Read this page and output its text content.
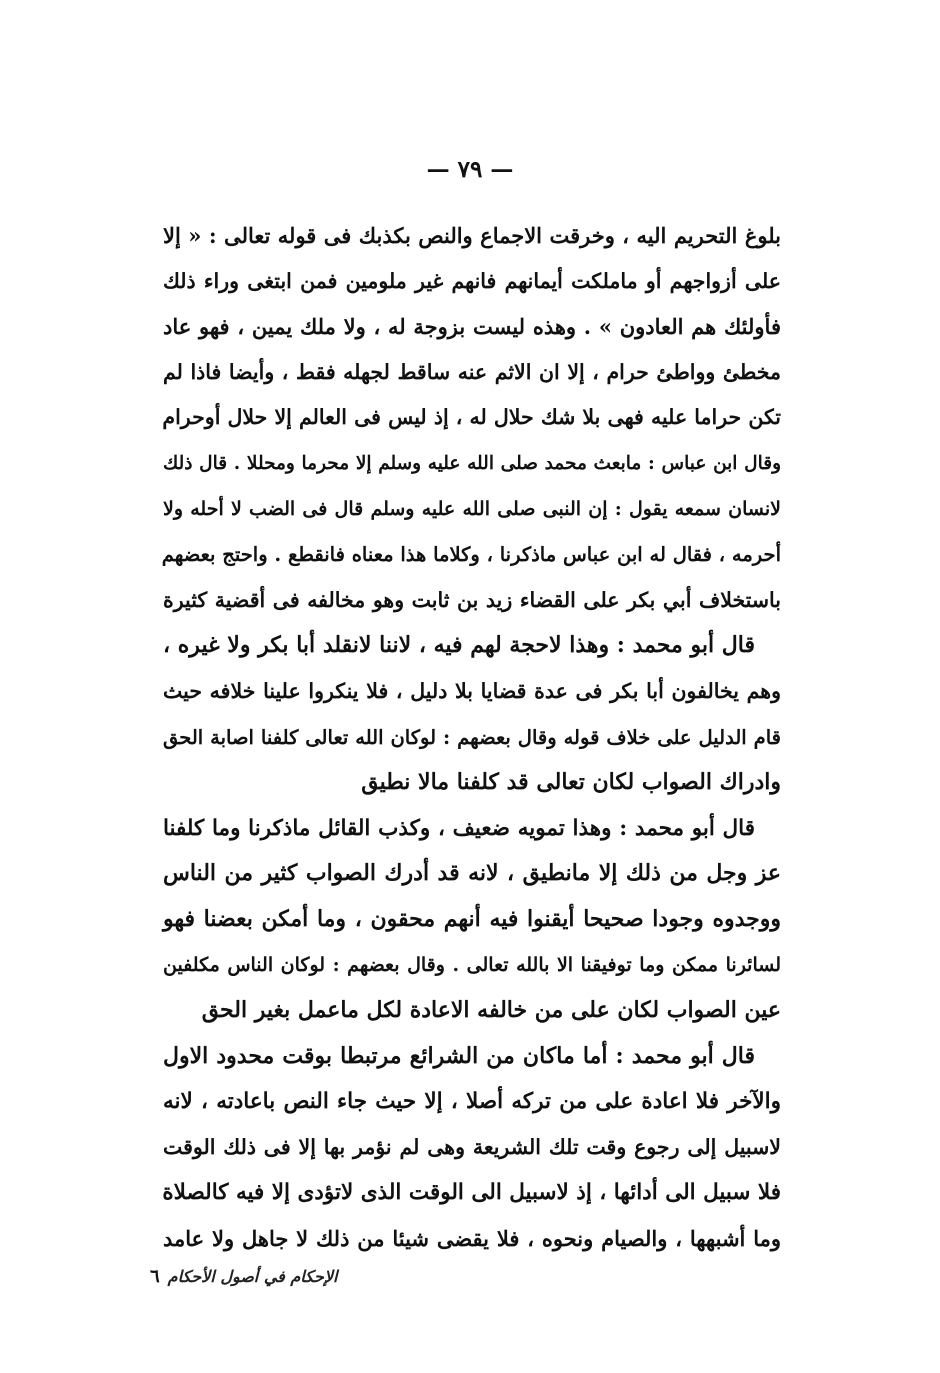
— ٧٩ —
بلوغ التحريم اليه ، وخرقت الاجماع والنص بكذبك فى قوله تعالى : « إلا
على أزواجهم أو ماملكت أيمانهم فانهم غير ملومين فمن ابتغى وراء ذلك
فأولئك هم العادون » . وهذه ليست بزوجة له ، ولا ملك يمين ، فهو عاد
مخطئ وواطئ حرام ، إلا ان الاثم عنه ساقط لجهله فقط ، وأيضا فاذا لم
تكن حراما عليه فهى بلا شك حلال له ، إذ ليس فى العالم إلا حلال أوحرام
وقال ابن عباس : مابعث محمد صلى الله عليه وسلم إلا محرما ومحللا . قال ذلك
لانسان سمعه يقول : إن النبى صلى الله عليه وسلم قال فى الضب لا أحله ولا
أحرمه ، فقال له ابن عباس ماذكرنا ، وكلاما هذا معناه فانقطع . واحتج بعضهم
باستخلاف أبي بكر على القضاء زيد بن ثابت وهو مخالفه فى أقضية كثيرة
قال أبو محمد : وهذا لاحجة لهم فيه ، لاننا لانقلد أبا بكر ولا غيره ،
وهم يخالفون أبا بكر فى عدة قضايا بلا دليل ، فلا ينكروا علينا خلافه حيث
قام الدليل على خلاف قوله وقال بعضهم : لوكان الله تعالى كلفنا اصابة الحق
وادراك الصواب لكان تعالى قد كلفنا مالا نطيق
قال أبو محمد : وهذا تمويه ضعيف ، وكذب القائل ماذكرنا وما كلفنا
عز وجل من ذلك إلا مانطيق ، لانه قد أدرك الصواب كثير من الناس
ووجدوه وجودا صحيحا أيقنوا فيه أنهم محقون ، وما أمكن بعضنا فهو
لسائرنا ممكن وما توفيقنا الا بالله تعالى . وقال بعضهم : لوكان الناس مكلفين
عين الصواب لكان على من خالفه الاعادة لكل ماعمل بغير الحق
قال أبو محمد : أما ماكان من الشرائع مرتبطا بوقت محدود الاول
والآخر فلا اعادة على من تركه أصلا ، إلا حيث جاء النص باعادته ، لانه
لاسبيل إلى رجوع وقت تلك الشريعة وهى لم نؤمر بها إلا فى ذلك الوقت
فلا سبيل الى أدائها ، إذ لاسبيل الى الوقت الذى لاتؤدى إلا فيه كالصلاة
وما أشبهها ، والصيام ونحوه ، فلا يقضى شيئا من ذلك لا جاهل ولا عامد
الإحكام في أصول الأحكام
٦
